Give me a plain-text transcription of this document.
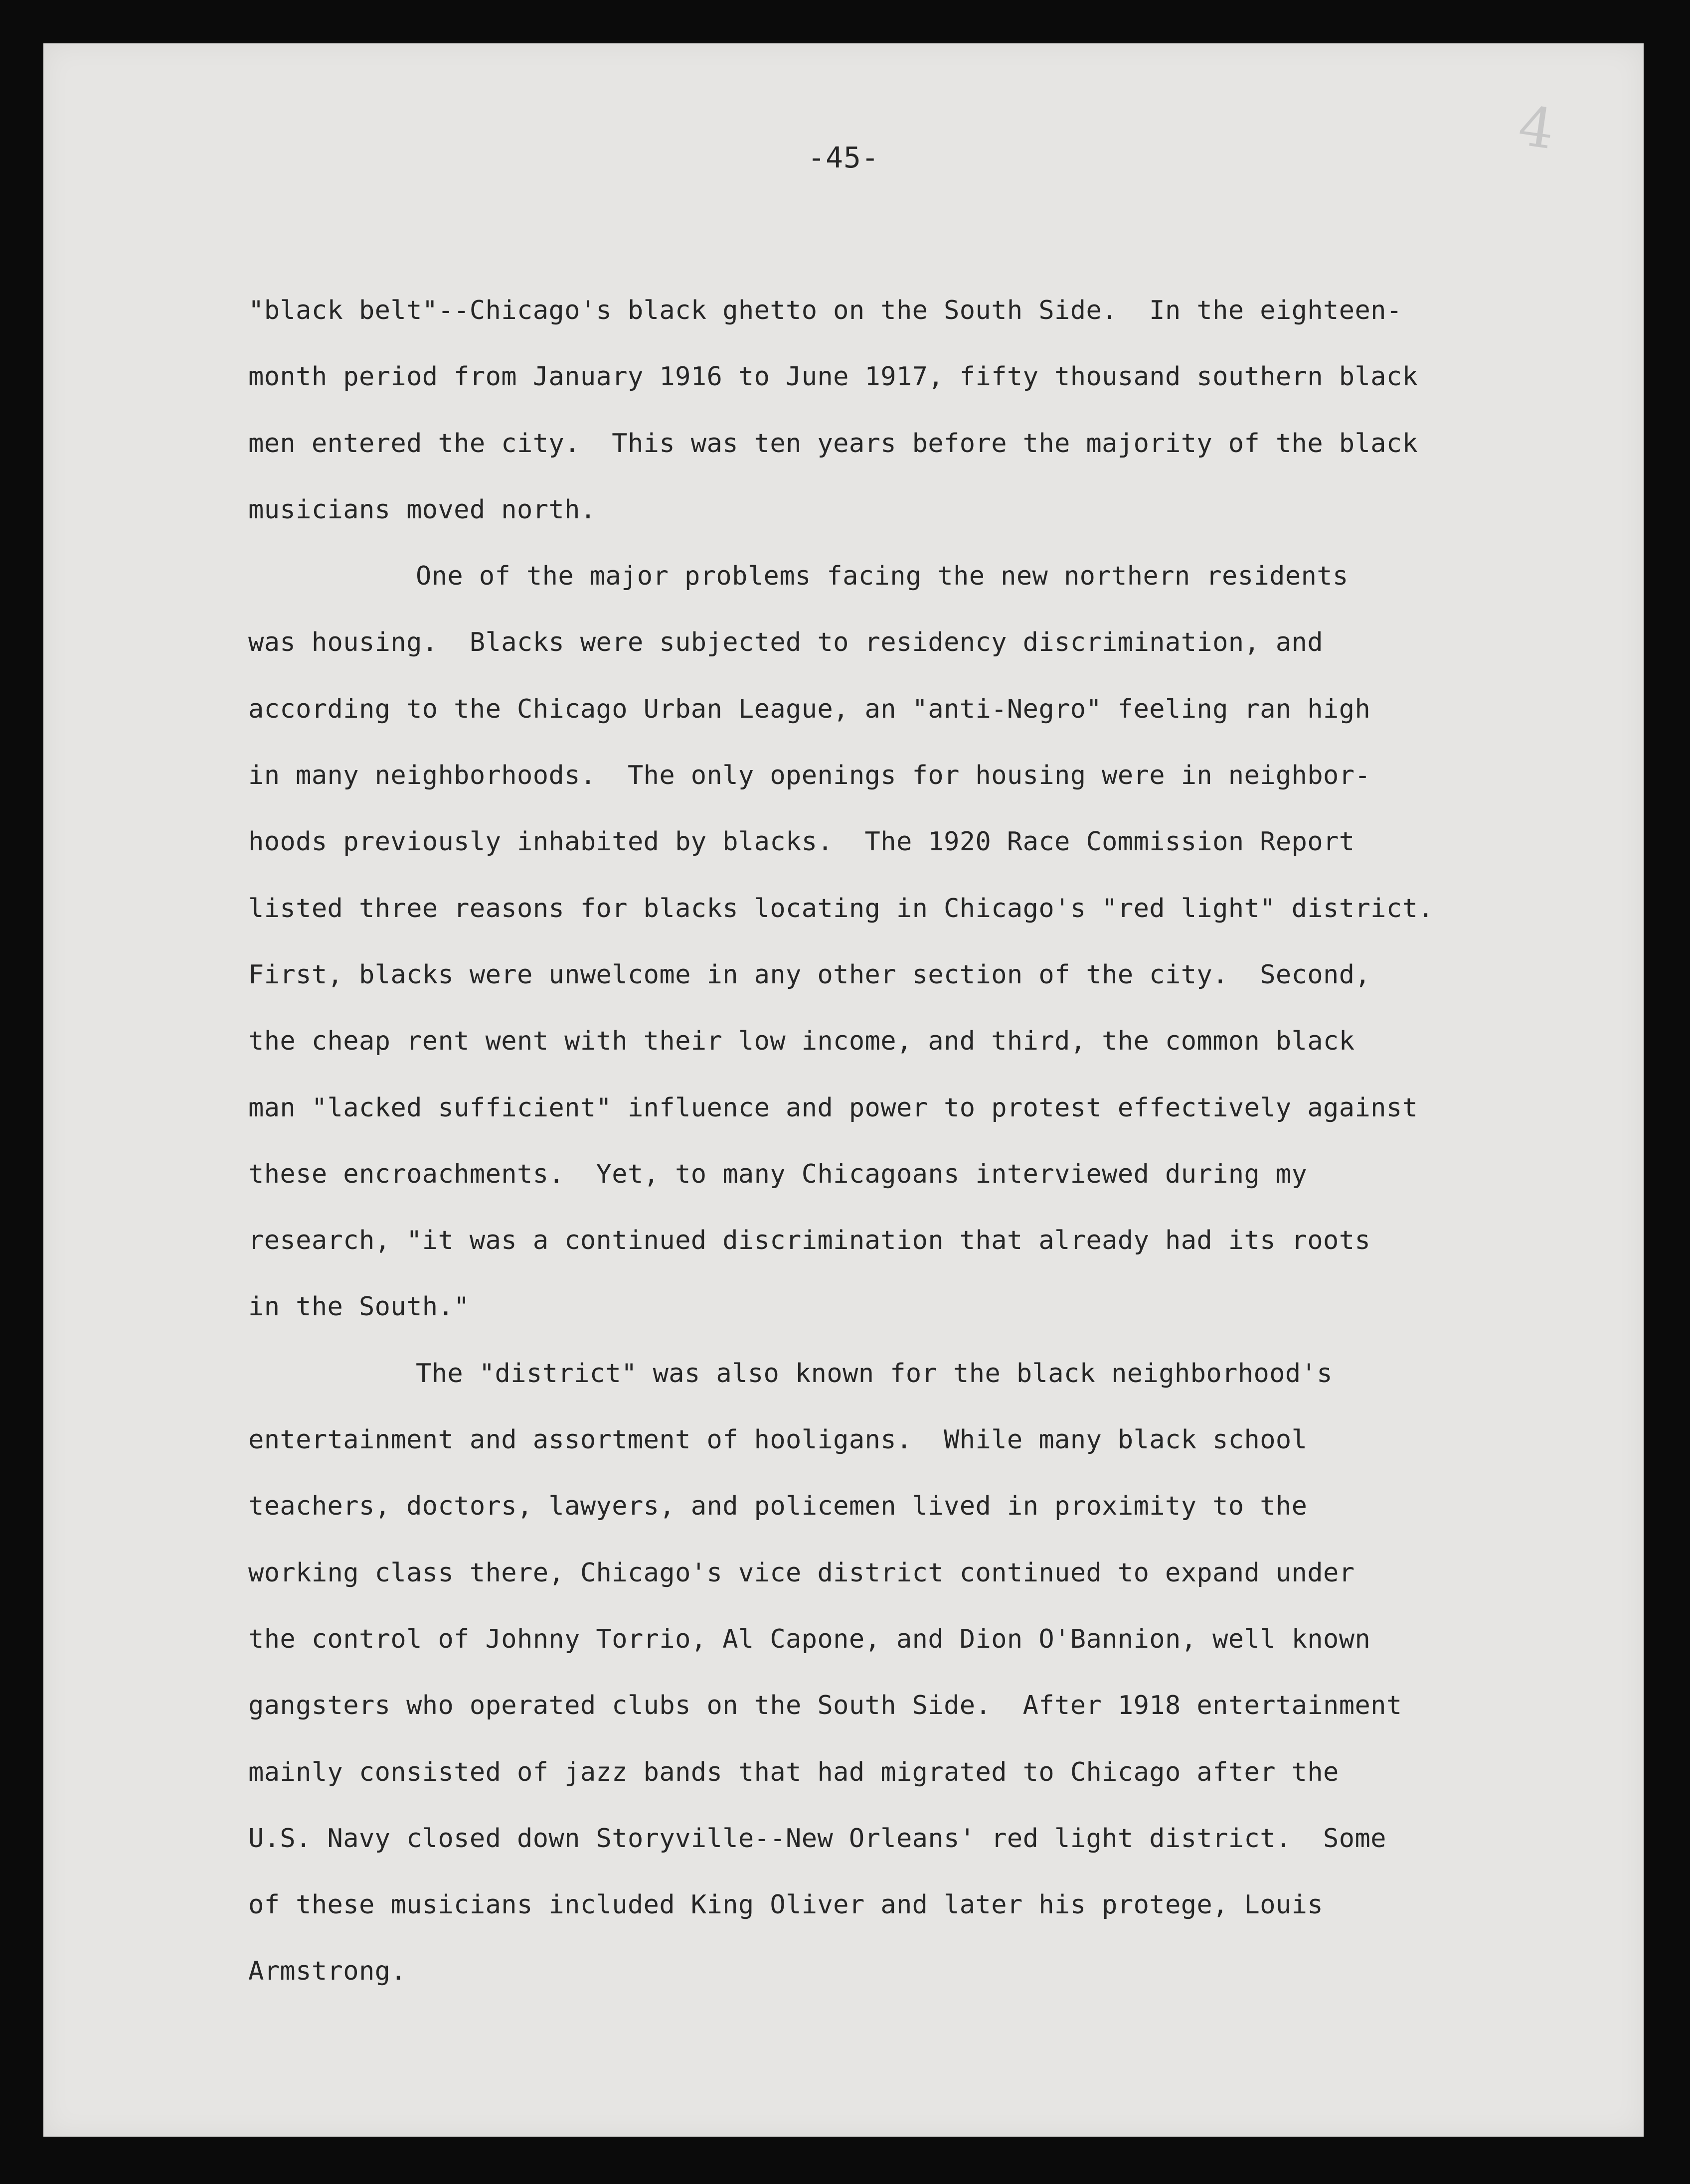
4
-45-
"black belt"--Chicago's black ghetto on the South Side.  In the eighteen-
month period from January 1916 to June 1917, fifty thousand southern black
men entered the city.  This was ten years before the majority of the black
musicians moved north.
One of the major problems facing the new northern residents
was housing.  Blacks were subjected to residency discrimination, and
according to the Chicago Urban League, an "anti-Negro" feeling ran high
in many neighborhoods.  The only openings for housing were in neighbor-
hoods previously inhabited by blacks.  The 1920 Race Commission Report
listed three reasons for blacks locating in Chicago's "red light" district.
First, blacks were unwelcome in any other section of the city.  Second,
the cheap rent went with their low income, and third, the common black
man "lacked sufficient" influence and power to protest effectively against
these encroachments.  Yet, to many Chicagoans interviewed during my
research, "it was a continued discrimination that already had its roots
in the South."
The "district" was also known for the black neighborhood's
entertainment and assortment of hooligans.  While many black school
teachers, doctors, lawyers, and policemen lived in proximity to the
working class there, Chicago's vice district continued to expand under
the control of Johnny Torrio, Al Capone, and Dion O'Bannion, well known
gangsters who operated clubs on the South Side.  After 1918 entertainment
mainly consisted of jazz bands that had migrated to Chicago after the
U.S. Navy closed down Storyville--New Orleans' red light district.  Some
of these musicians included King Oliver and later his protege, Louis
Armstrong.
